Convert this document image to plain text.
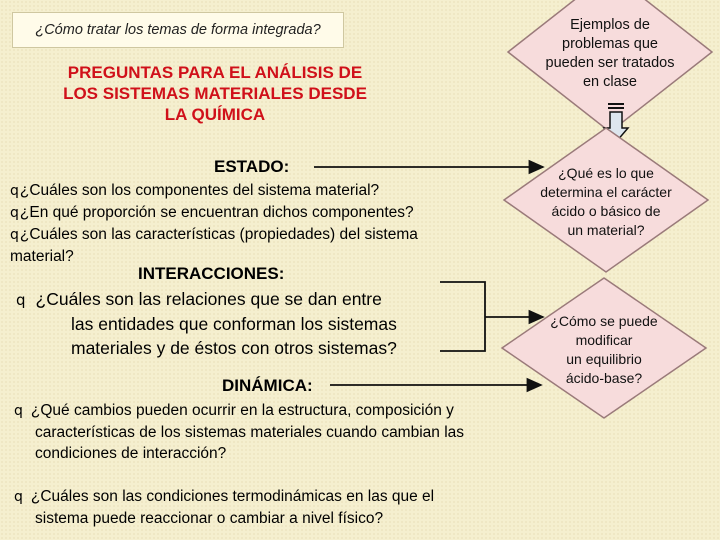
¿Cómo tratar los temas de forma integrada?
PREGUNTAS PARA EL ANÁLISIS DE
LOS SISTEMAS MATERIALES DESDE
LA QUÍMICA
Ejemplos de
problemas que
pueden ser tratados
en clase
ESTADO:
q¿Cuáles son los componentes del sistema material?
q¿En qué proporción se encuentran dichos componentes?
q¿Cuáles son las características (propiedades) del sistema
material?
INTERACCIONES:
q ¿Cuáles son las relaciones que se dan entre
las entidades que conforman los sistemas
materiales y de éstos con otros sistemas?
DINÁMICA:
q ¿Qué cambios pueden ocurrir en la estructura, composición y
características de los sistemas materiales cuando cambian las
condiciones de interacción?
q ¿Cuáles son las condiciones termodinámicas en las que el
sistema puede reaccionar o cambiar a nivel físico?
¿Qué es lo que
determina el carácter
ácido o básico de
un material?
¿Cómo se puede
modificar
un equilibrio
ácido-base?
